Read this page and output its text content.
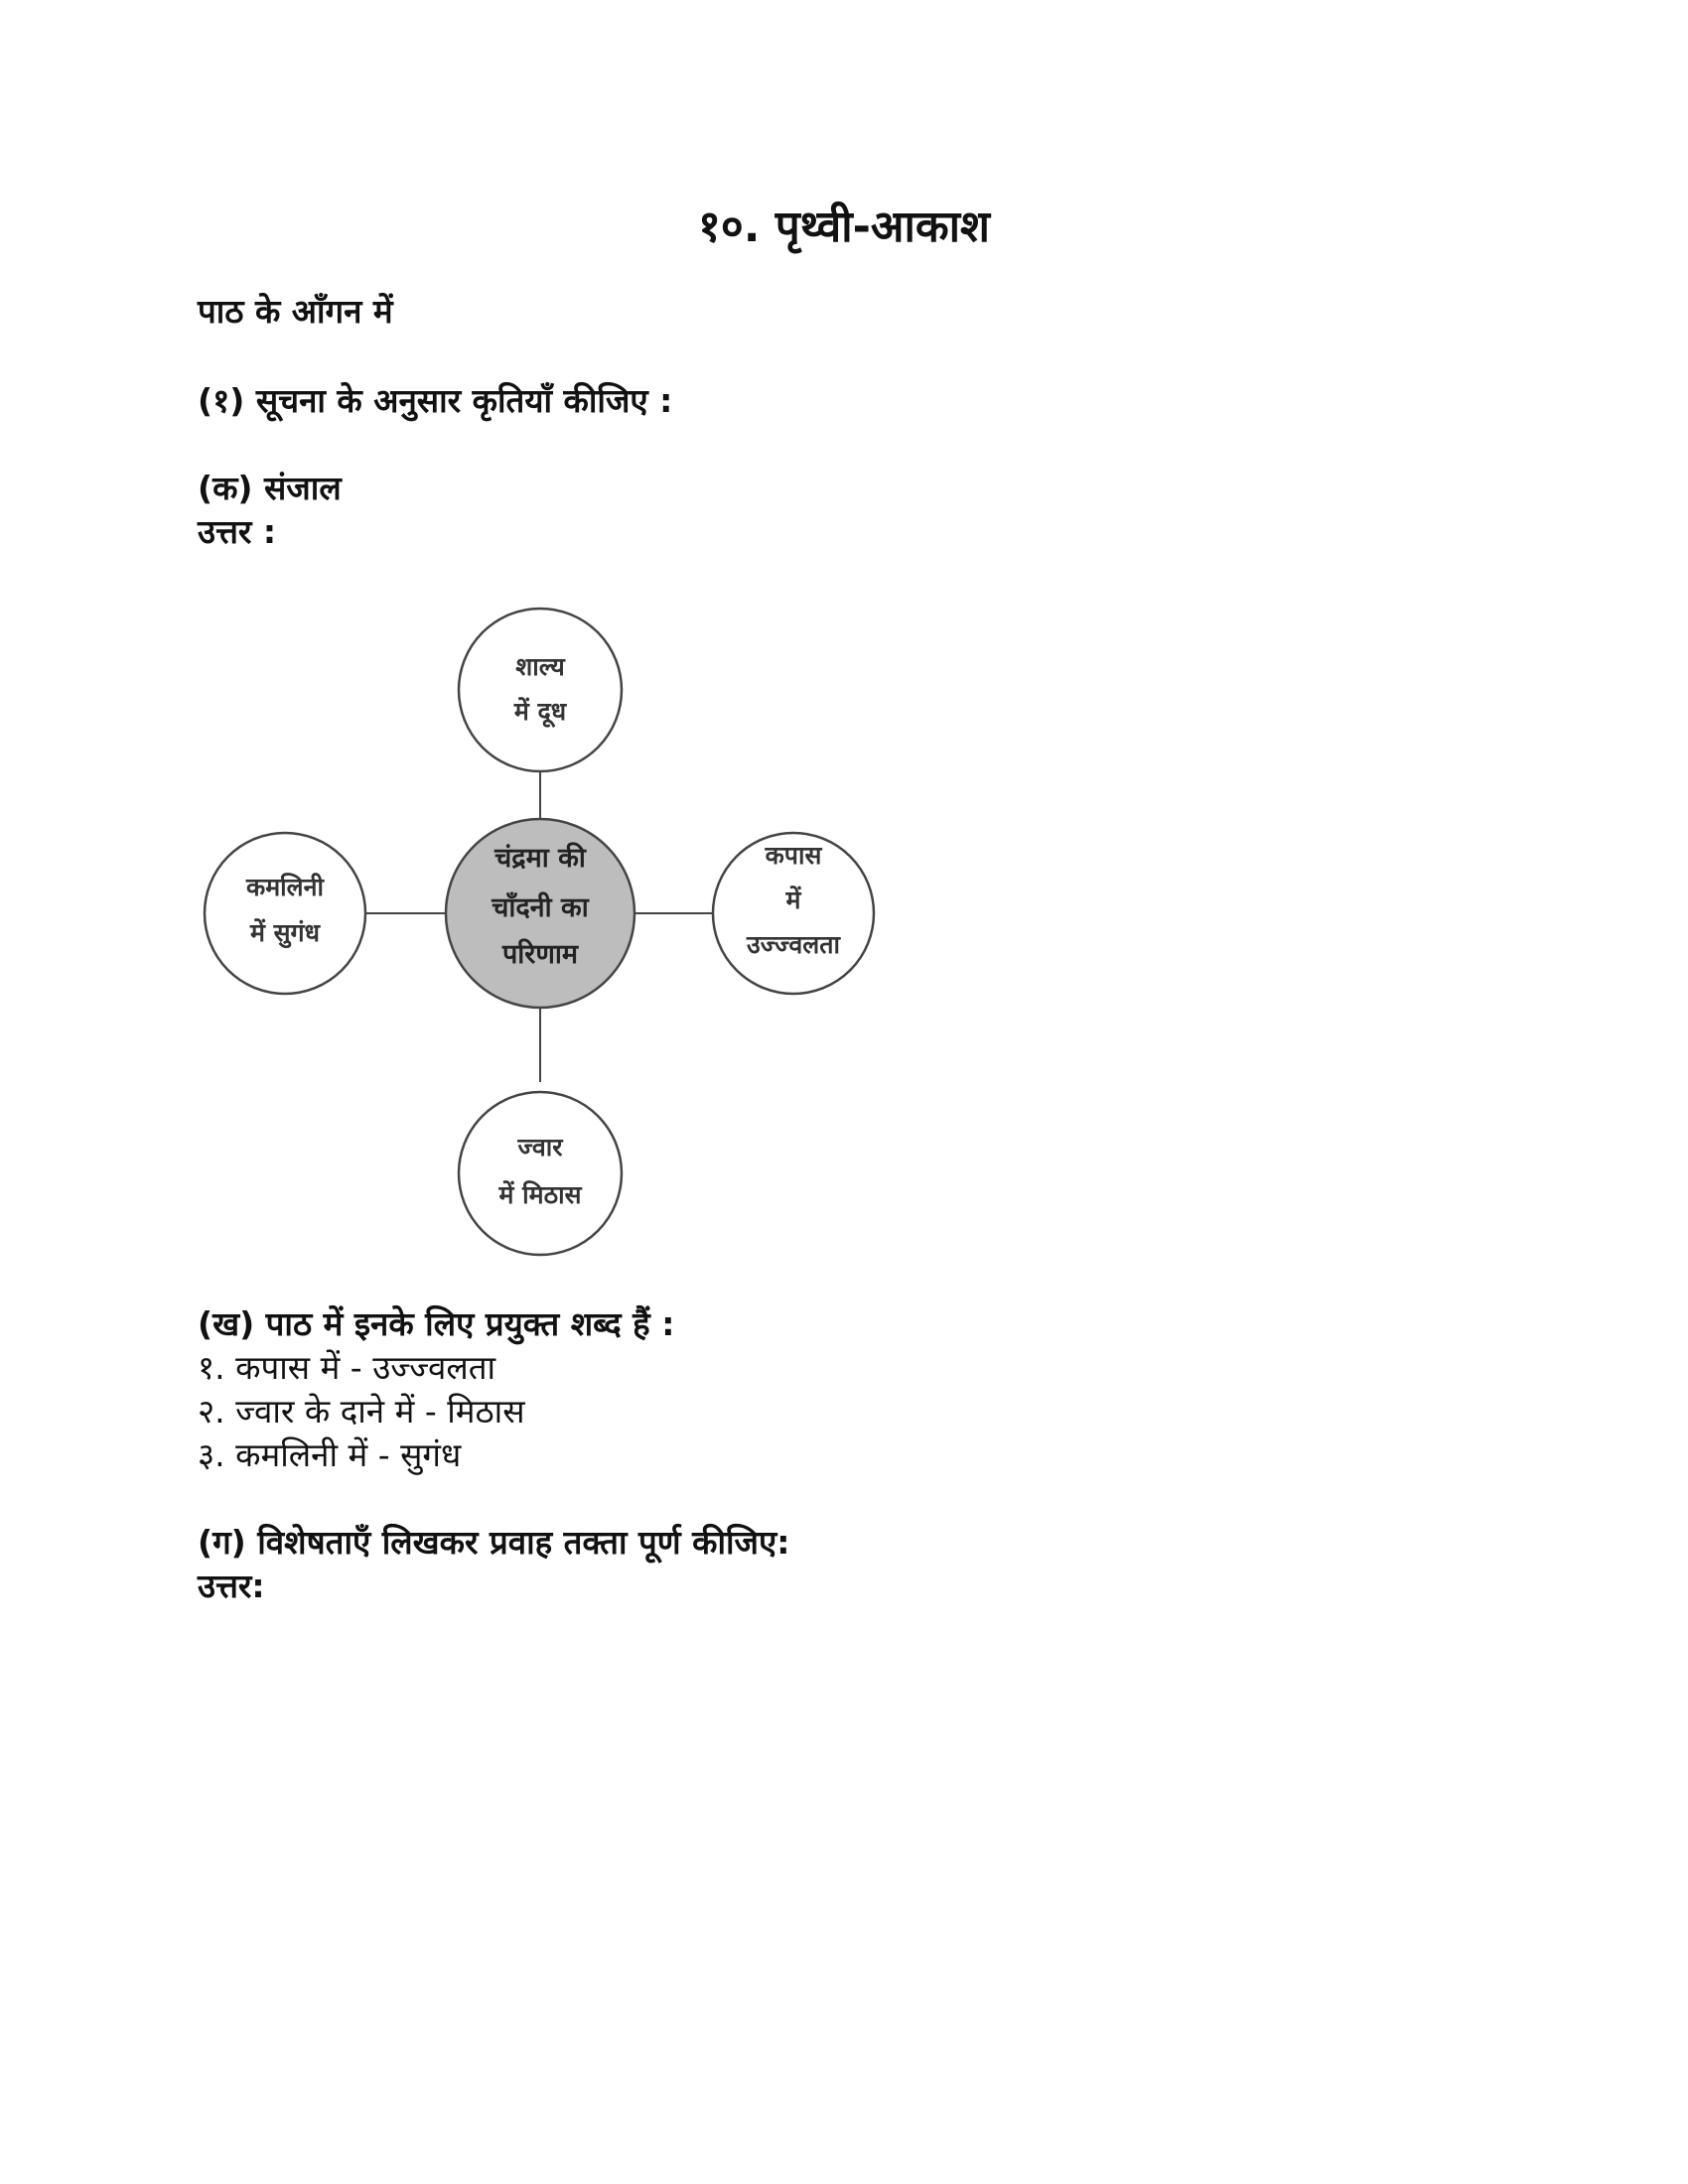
१०. पृथ्वी-आकाश

पाठ के आँगन में

(१) सूचना के अनुसार कृतियाँ कीजिए :

(क) संजाल

उत्तर :

शाल्य
में दूध
कपास
में
उज्ज्वलता
ज्वार
में मिठास
कमलिनी
में सुगंध
चंद्रमा की
चाँदनी का
परिणाम

(ख) पाठ में इनके लिए प्रयुक्त शब्द हैं :

१. कपास में - उज्ज्वलता

२. ज्वार के दाने में - मिठास

३. कमलिनी में - सुगंध

(ग) विशेषताएँ लिखकर प्रवाह तक्ता पूर्ण कीजिए:

उत्तर:
